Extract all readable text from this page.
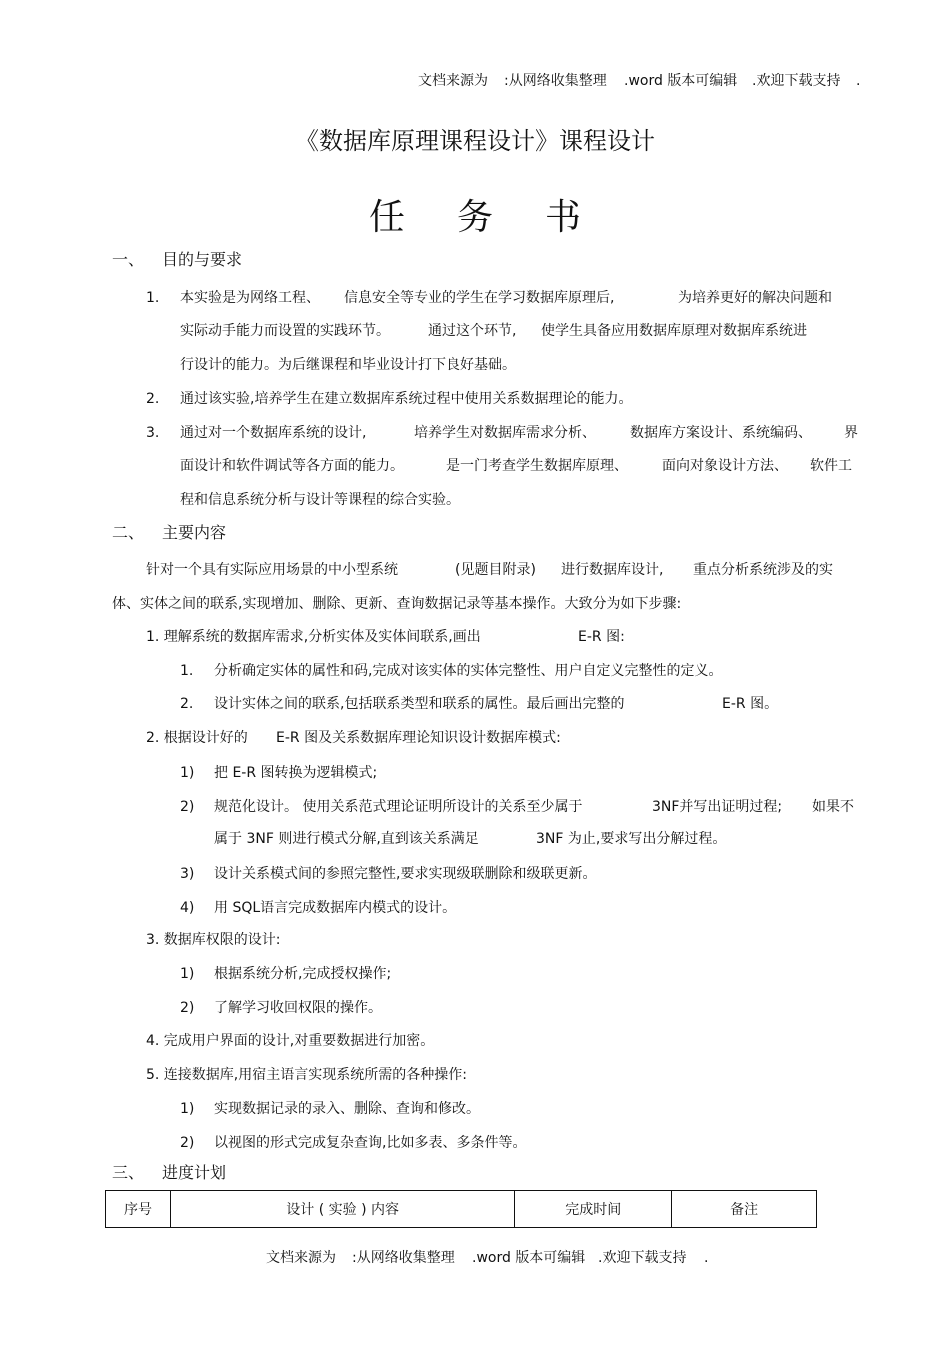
文档来源为 :从网络收集整理 .word 版本可编辑 .欢迎下载支持 .
《数据库原理课程设计》课程设计
任 务 书
一、 目的与要求
1. 本实验是为网络工程、 信息安全等专业的学生在学习数据库原理后,	为培养更好的解决问题和
实际动手能力而设置的实践环节。	通过这个环节, 使学生具备应用数据库原理对数据库系统进
行设计的能力。为后继课程和毕业设计打下良好基础。
2. 通过该实验,培养学生在建立数据库系统过程中使用关系数据理论的能力。
3. 通过对一个数据库系统的设计,	培养学生对数据库需求分析、 数据库方案设计、系统编码、 界
面设计和软件调试等各方面的能力。	是一门考查学生数据库原理、 面向对象设计方法、 软件工
程和信息系统分析与设计等课程的综合实验。
二、 主要内容
针对一个具有实际应用场景的中小型系统	(见题目附录) 进行数据库设计, 重点分析系统涉及的实
体、实体之间的联系,实现增加、删除、更新、查询数据记录等基本操作。大致分为如下步骤:
1. 理解系统的数据库需求,分析实体及实体间联系,画出	E-R 图:
1. 分析确定实体的属性和码,完成对该实体的实体完整性、用户自定义完整性的定义。
2. 设计实体之间的联系,包括联系类型和联系的属性。最后画出完整的	E-R 图。
2. 根据设计好的 E-R 图及关系数据库理论知识设计数据库模式:
1) 把 E-R 图转换为逻辑模式;
2) 规范化设计。 使用关系范式理论证明所设计的关系至少属于	3NF并写出证明过程; 如果不
属于 3NF 则进行模式分解,直到该关系满足	3NF 为止,要求写出分解过程。
3) 设计关系模式间的参照完整性,要求实现级联删除和级联更新。
4) 用 SQL语言完成数据库内模式的设计。
3. 数据库权限的设计:
1) 根据系统分析,完成授权操作;
2) 了解学习收回权限的操作。
4. 完成用户界面的设计,对重要数据进行加密。
5. 连接数据库,用宿主语言实现系统所需的各种操作:
1) 实现数据记录的录入、删除、查询和修改。
2) 以视图的形式完成复杂查询,比如多表、多条件等。
三、 进度计划
序号	设计 ( 实验 ) 内容	完成时间	备注
文档来源为 :从网络收集整理 .word 版本可编辑 .欢迎下载支持 .
